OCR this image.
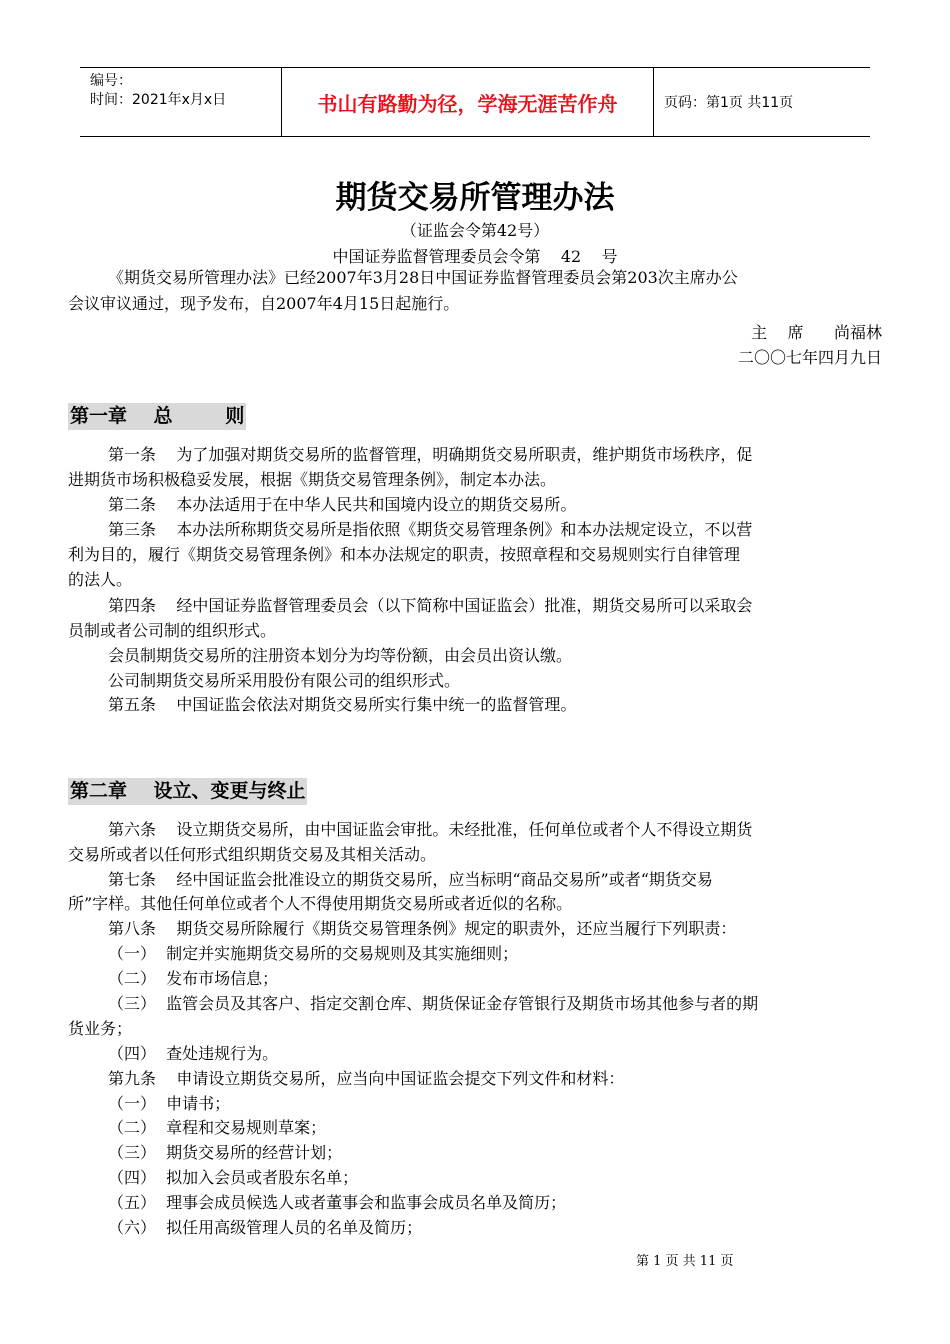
编号：
时间：2021年x月x日	书山有路勤为径，学海无涯苦作舟	页码：第1页 共11页
期货交易所管理办法
（证监会令第42号）
中国证券监督管理委员会令第    42    号
《期货交易所管理办法》已经2007年3月28日中国证券监督管理委员会第203次主席办公
会议审议通过，现予发布，自2007年4月15日起施行。
主    席      尚福林
二〇〇七年四月九日
第一章    总        则
第一条    为了加强对期货交易所的监督管理，明确期货交易所职责，维护期货市场秩序，促
进期货市场积极稳妥发展，根据《期货交易管理条例》，制定本办法。
第二条    本办法适用于在中华人民共和国境内设立的期货交易所。
第三条    本办法所称期货交易所是指依照《期货交易管理条例》和本办法规定设立，不以营
利为目的，履行《期货交易管理条例》和本办法规定的职责，按照章程和交易规则实行自律管理
的法人。
第四条    经中国证券监督管理委员会（以下简称中国证监会）批准，期货交易所可以采取会
员制或者公司制的组织形式。
会员制期货交易所的注册资本划分为均等份额，由会员出资认缴。
公司制期货交易所采用股份有限公司的组织形式。
第五条    中国证监会依法对期货交易所实行集中统一的监督管理。
第二章    设立、变更与终止
第六条    设立期货交易所，由中国证监会审批。未经批准，任何单位或者个人不得设立期货
交易所或者以任何形式组织期货交易及其相关活动。
第七条    经中国证监会批准设立的期货交易所，应当标明“商品交易所”或者“期货交易
所”字样。其他任何单位或者个人不得使用期货交易所或者近似的名称。
第八条    期货交易所除履行《期货交易管理条例》规定的职责外，还应当履行下列职责：
（一）  制定并实施期货交易所的交易规则及其实施细则；
（二）  发布市场信息；
（三）  监管会员及其客户、指定交割仓库、期货保证金存管银行及期货市场其他参与者的期
货业务；
（四）  查处违规行为。
第九条    申请设立期货交易所，应当向中国证监会提交下列文件和材料：
（一）  申请书；
（二）  章程和交易规则草案；
（三）  期货交易所的经营计划；
（四）  拟加入会员或者股东名单；
（五）  理事会成员候选人或者董事会和监事会成员名单及简历；
（六）  拟任用高级管理人员的名单及简历；
第 1 页 共 11 页
